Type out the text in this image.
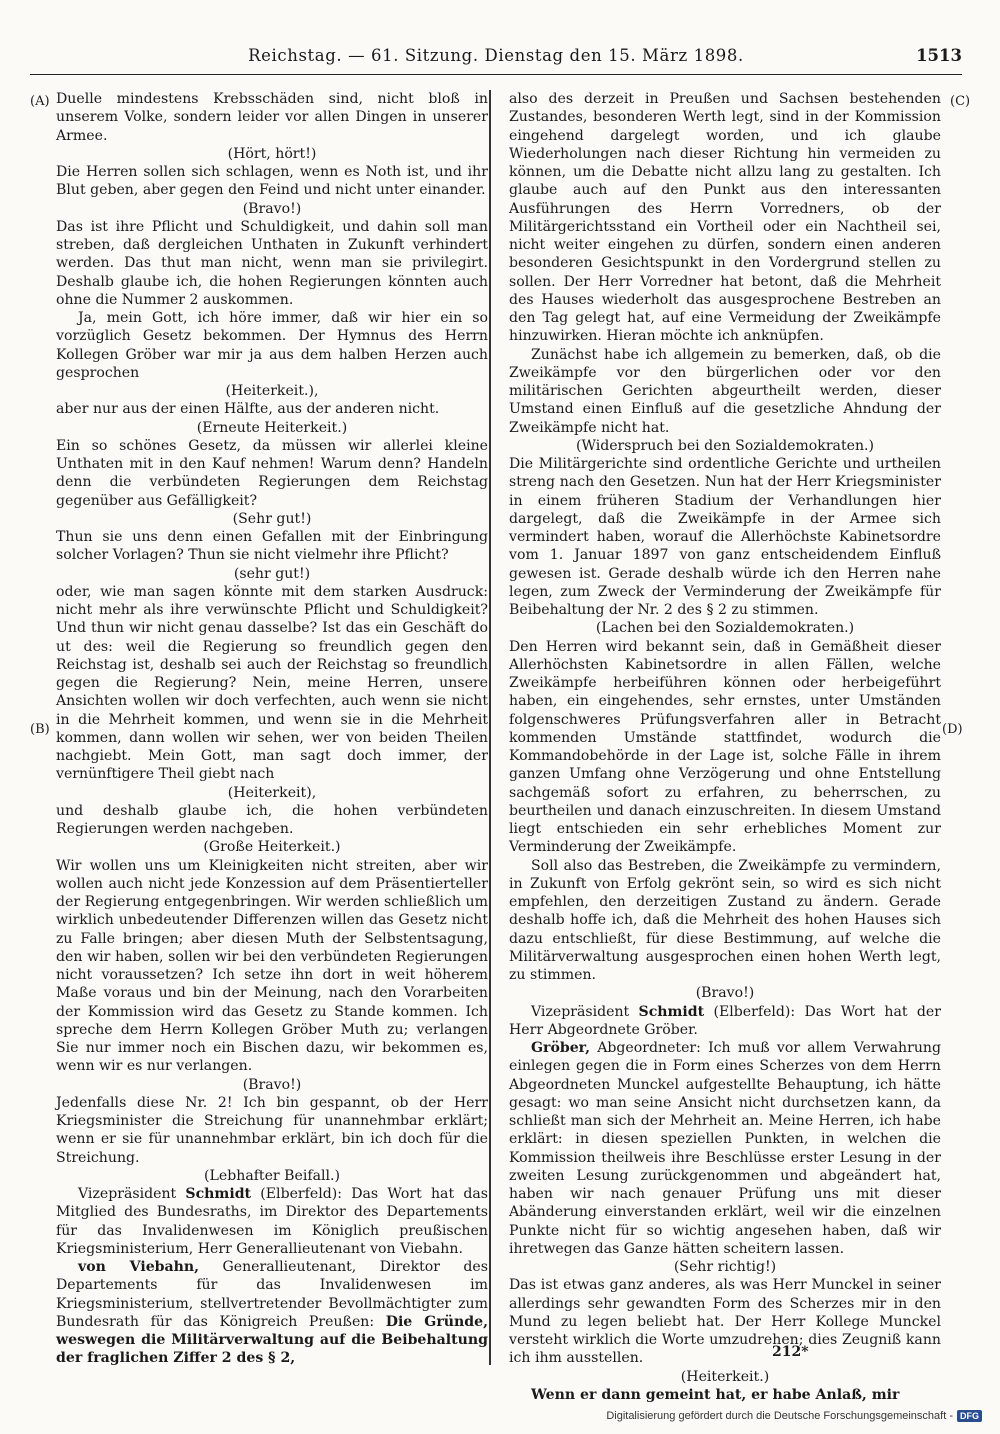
Reichstag. — 61. Sitzung. Dienstag den 15. März 1898.	1513
(A)
(B)
(C)
(D)

Duelle mindestens Krebsschäden sind, nicht bloß in unserem Volke, sondern leider vor allen Dingen in unserer Armee.

(Hört, hört!)

Die Herren sollen sich schlagen, wenn es Noth ist, und ihr Blut geben, aber gegen den Feind und nicht unter einander.

(Bravo!)

Das ist ihre Pflicht und Schuldigkeit, und dahin soll man streben, daß dergleichen Unthaten in Zukunft verhindert werden. Das thut man nicht, wenn man sie privilegirt. Deshalb glaube ich, die hohen Regierungen könnten auch ohne die Nummer 2 auskommen.

Ja, mein Gott, ich höre immer, daß wir hier ein so vorzüglich Gesetz bekommen. Der Hymnus des Herrn Kollegen Gröber war mir ja aus dem halben Herzen auch gesprochen

(Heiterkeit.),

aber nur aus der einen Hälfte, aus der anderen nicht.

(Erneute Heiterkeit.)

Ein so schönes Gesetz, da müssen wir allerlei kleine Unthaten mit in den Kauf nehmen! Warum denn? Handeln denn die verbündeten Regierungen dem Reichstag gegenüber aus Gefälligkeit?

(Sehr gut!)

Thun sie uns denn einen Gefallen mit der Einbringung solcher Vorlagen? Thun sie nicht vielmehr ihre Pflicht?

(sehr gut!)

oder, wie man sagen könnte mit dem starken Ausdruck: nicht mehr als ihre verwünschte Pflicht und Schuldigkeit? Und thun wir nicht genau dasselbe? Ist das ein Geschäft do ut des: weil die Regierung so freundlich gegen den Reichstag ist, deshalb sei auch der Reichstag so freundlich gegen die Regierung? Nein, meine Herren, unsere Ansichten wollen wir doch verfechten, auch wenn sie nicht in die Mehrheit kommen, und wenn sie in die Mehrheit kommen, dann wollen wir sehen, wer von beiden Theilen nachgiebt. Mein Gott, man sagt doch immer, der vernünftigere Theil giebt nach

(Heiterkeit),

und deshalb glaube ich, die hohen verbündeten Regierungen werden nachgeben.

(Große Heiterkeit.)

Wir wollen uns um Kleinigkeiten nicht streiten, aber wir wollen auch nicht jede Konzession auf dem Präsentierteller der Regierung entgegenbringen. Wir werden schließlich um wirklich unbedeutender Differenzen willen das Gesetz nicht zu Falle bringen; aber diesen Muth der Selbstentsagung, den wir haben, sollen wir bei den verbündeten Regierungen nicht voraussetzen? Ich setze ihn dort in weit höherem Maße voraus und bin der Meinung, nach den Vorarbeiten der Kommission wird das Gesetz zu Stande kommen. Ich spreche dem Herrn Kollegen Gröber Muth zu; verlangen Sie nur immer noch ein Bischen dazu, wir bekommen es, wenn wir es nur verlangen.

(Bravo!)

Jedenfalls diese Nr. 2! Ich bin gespannt, ob der Herr Kriegsminister die Streichung für unannehmbar erklärt; wenn er sie für unannehmbar erklärt, bin ich doch für die Streichung.

(Lebhafter Beifall.)

Vizepräsident Schmidt (Elberfeld): Das Wort hat das Mitglied des Bundesraths, im Direktor des Departements für das Invalidenwesen im Königlich preußischen Kriegsministerium, Herr Generallieutenant von Viebahn.

von Viebahn, Generallieutenant, Direktor des Departements für das Invalidenwesen im Kriegsministerium, stellvertretender Bevollmächtigter zum Bundesrath für das Königreich Preußen: Die Gründe, weswegen die Militärverwaltung auf die Beibehaltung der fraglichen Ziffer 2 des § 2,

also des derzeit in Preußen und Sachsen bestehenden Zustandes, besonderen Werth legt, sind in der Kommission eingehend dargelegt worden, und ich glaube Wiederholungen nach dieser Richtung hin vermeiden zu können, um die Debatte nicht allzu lang zu gestalten. Ich glaube auch auf den Punkt aus den interessanten Ausführungen des Herrn Vorredners, ob der Militärgerichtsstand ein Vortheil oder ein Nachtheil sei, nicht weiter eingehen zu dürfen, sondern einen anderen besonderen Gesichtspunkt in den Vordergrund stellen zu sollen. Der Herr Vorredner hat betont, daß die Mehrheit des Hauses wiederholt das ausgesprochene Bestreben an den Tag gelegt hat, auf eine Vermeidung der Zweikämpfe hinzuwirken. Hieran möchte ich anknüpfen.

Zunächst habe ich allgemein zu bemerken, daß, ob die Zweikämpfe vor den bürgerlichen oder vor den militärischen Gerichten abgeurtheilt werden, dieser Umstand einen Einfluß auf die gesetzliche Ahndung der Zweikämpfe nicht hat.

(Widerspruch bei den Sozialdemokraten.)

Die Militärgerichte sind ordentliche Gerichte und urtheilen streng nach den Gesetzen. Nun hat der Herr Kriegsminister in einem früheren Stadium der Verhandlungen hier dargelegt, daß die Zweikämpfe in der Armee sich vermindert haben, worauf die Allerhöchste Kabinetsordre vom 1. Januar 1897 von ganz entscheidendem Einfluß gewesen ist. Gerade deshalb würde ich den Herren nahe legen, zum Zweck der Verminderung der Zweikämpfe für Beibehaltung der Nr. 2 des § 2 zu stimmen.

(Lachen bei den Sozialdemokraten.)

Den Herren wird bekannt sein, daß in Gemäßheit dieser Allerhöchsten Kabinetsordre in allen Fällen, welche Zweikämpfe herbeiführen können oder herbeigeführt haben, ein eingehendes, sehr ernstes, unter Umständen folgenschweres Prüfungsverfahren aller in Betracht kommenden Umstände stattfindet, wodurch die Kommandobehörde in der Lage ist, solche Fälle in ihrem ganzen Umfang ohne Verzögerung und ohne Entstellung sachgemäß sofort zu erfahren, zu beherrschen, zu beurtheilen und danach einzuschreiten. In diesem Umstand liegt entschieden ein sehr erhebliches Moment zur Verminderung der Zweikämpfe.

Soll also das Bestreben, die Zweikämpfe zu vermindern, in Zukunft von Erfolg gekrönt sein, so wird es sich nicht empfehlen, den derzeitigen Zustand zu ändern. Gerade deshalb hoffe ich, daß die Mehrheit des hohen Hauses sich dazu entschließt, für diese Bestimmung, auf welche die Militärverwaltung ausgesprochen einen hohen Werth legt, zu stimmen.

(Bravo!)

Vizepräsident Schmidt (Elberfeld): Das Wort hat der Herr Abgeordnete Gröber.

Gröber, Abgeordneter: Ich muß vor allem Verwahrung einlegen gegen die in Form eines Scherzes von dem Herrn Abgeordneten Munckel aufgestellte Behauptung, ich hätte gesagt: wo man seine Ansicht nicht durchsetzen kann, da schließt man sich der Mehrheit an. Meine Herren, ich habe erklärt: in diesen speziellen Punkten, in welchen die Kommission theilweis ihre Beschlüsse erster Lesung in der zweiten Lesung zurückgenommen und abgeändert hat, haben wir nach genauer Prüfung uns mit dieser Abänderung einverstanden erklärt, weil wir die einzelnen Punkte nicht für so wichtig angesehen haben, daß wir ihretwegen das Ganze hätten scheitern lassen.

(Sehr richtig!)

Das ist etwas ganz anderes, als was Herr Munckel in seiner allerdings sehr gewandten Form des Scherzes mir in den Mund zu legen beliebt hat. Der Herr Kollege Munckel versteht wirklich die Worte umzudrehen; dies Zeugniß kann ich ihm ausstellen.

(Heiterkeit.)

Wenn er dann gemeint hat, er habe Anlaß, mir

212*
Digitalisierung gefördert durch die Deutsche Forschungsgemeinschaft - DFG
